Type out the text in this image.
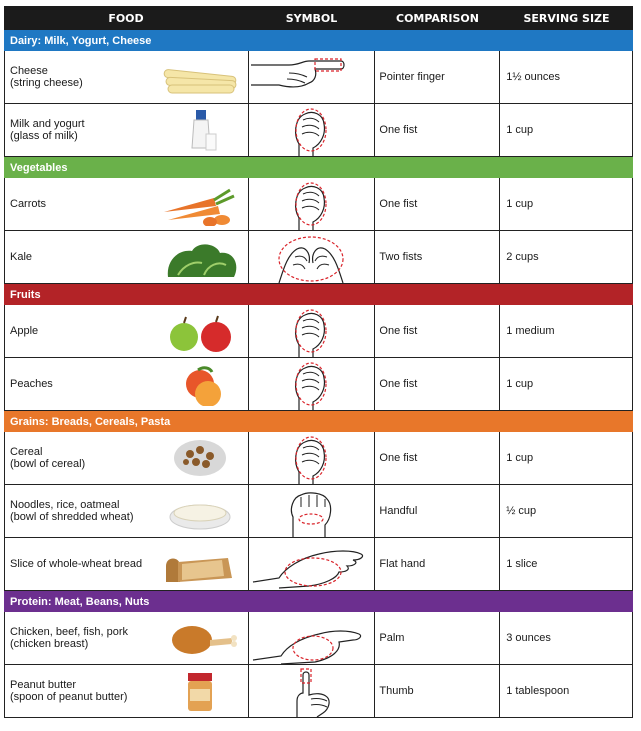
FOOD	SYMBOL	COMPARISON	SERVING SIZE
Dairy: Milk, Yogurt, Cheese
Cheese
(string cheese)	Pointer finger	1½ ounces
Milk and yogurt
(glass of milk)	One fist	1 cup
Vegetables
Carrots	One fist	1 cup
Kale	Two fists	2 cups
Fruits
Apple	One fist	1 medium
Peaches	One fist	1 cup
Grains: Breads, Cereals, Pasta
Cereal
(bowl of cereal)	One fist	1 cup
Noodles, rice, oatmeal
(bowl of shredded wheat)	Handful	½ cup
Slice of whole-wheat bread	Flat hand	1 slice
Protein: Meat, Beans, Nuts
Chicken, beef, fish, pork
(chicken breast)	Palm	3 ounces
Peanut butter
(spoon of peanut butter)	Thumb	1 tablespoon
